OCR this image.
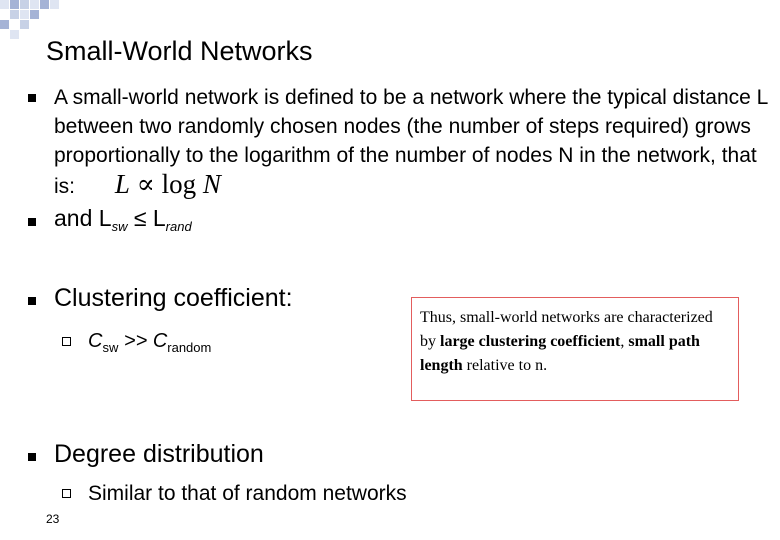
Small-World Networks
A small-world network is defined to be a network where the typical distance L between two randomly chosen nodes (the number of steps required) grows proportionally to the logarithm of the number of nodes N in the network, that is: L ∝ log N
and $L_{sw} \le L_{rand}$
Clustering coefficient:
$C_{sw} >> C_{random}$
Thus, small-world networks are characterized by large clustering coefficient, small path length relative to n.
Degree distribution
Similar to that of random networks
23
